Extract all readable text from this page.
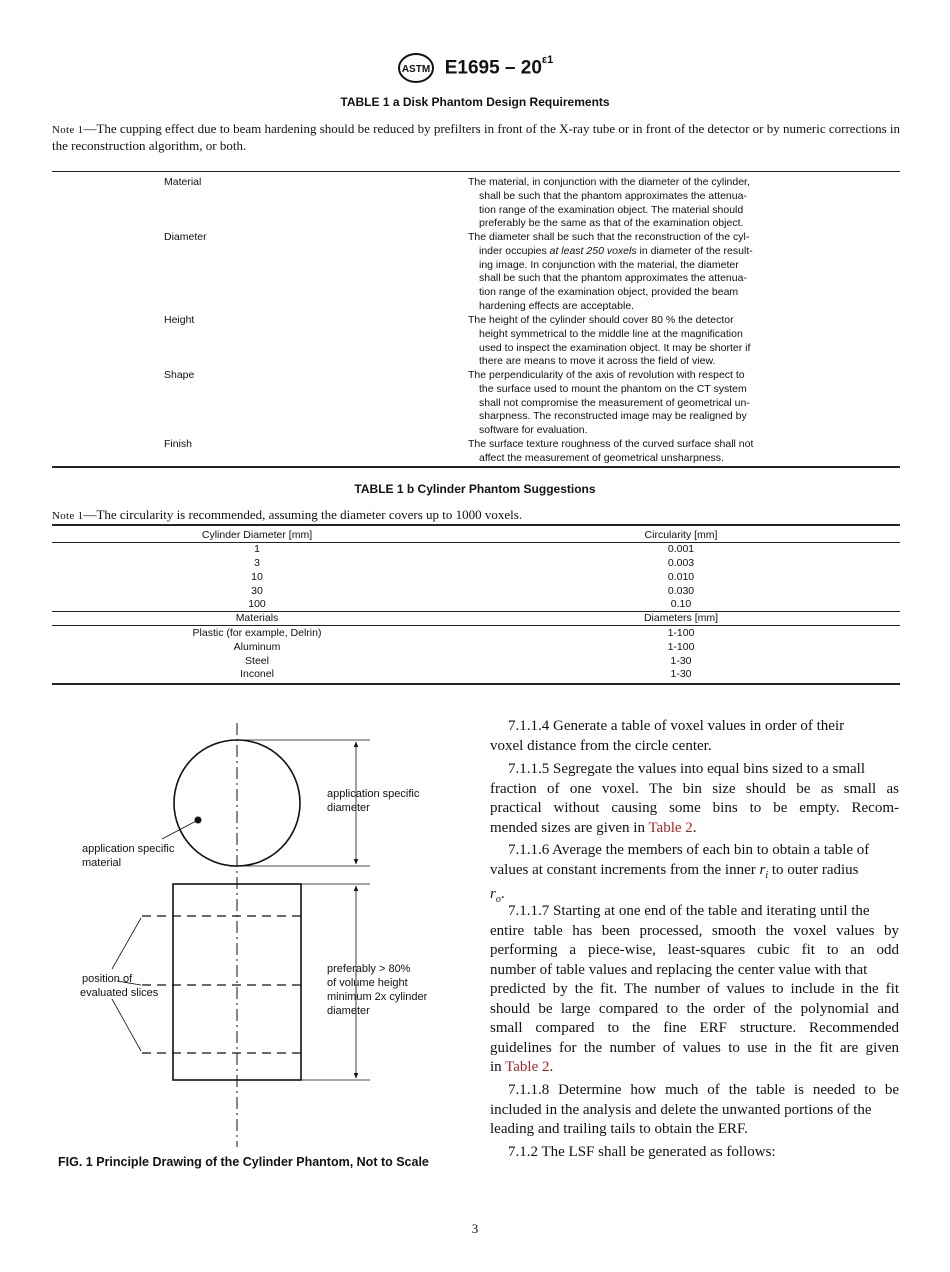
ASTM $E1695 - 20^{\varepsilon 1}$
TABLE 1 a Disk Phantom Design Requirements
Note 1—The cupping effect due to beam hardening should be reduced by prefilters in front of the X-ray tube or in front of the detector or by numeric corrections in the reconstruction algorithm, or both.
Material	The material, in conjunction with the diameter of the cylinder,
shall be such that the phantom approximates the attenua-
tion range of the examination object. The material should
preferably be the same as that of the examination object.
Diameter	The diameter shall be such that the reconstruction of the cyl-
inder occupies at least 250 voxels in diameter of the result-
ing image. In conjunction with the material, the diameter
shall be such that the phantom approximates the attenua-
tion range of the examination object, provided the beam
hardening effects are acceptable.
Height	The height of the cylinder should cover 80 % the detector
height symmetrical to the middle line at the magnification
used to inspect the examination object. It may be shorter if
there are means to move it across the field of view.
Shape	The perpendicularity of the axis of revolution with respect to
the surface used to mount the phantom on the CT system
shall not compromise the measurement of geometrical un-
sharpness. The reconstructed image may be realigned by
software for evaluation.
Finish	The surface texture roughness of the curved surface shall not
affect the measurement of geometrical unsharpness.
TABLE 1 b Cylinder Phantom Suggestions
Note 1—The circularity is recommended, assuming the diameter covers up to 1000 voxels.
Cylinder Diameter [mm]	Circularity [mm]
1	0.001
3	0.003
10	0.010
30	0.030
100	0.10
Materials	Diameters [mm]
Plastic (for example, Delrin)	1-100
Aluminum	1-100
Steel	1-30
Inconel	1-30
application specific
diameter
application specific
material
position of
evaluated slices
preferably > 80%
of volume height
minimum 2x cylinder
diameter
FIG. 1 Principle Drawing of the Cylinder Phantom, Not to Scale
7.1.1.4 Generate a table of voxel values in order of their
voxel distance from the circle center.
7.1.1.5 Segregate the values into equal bins sized to a small
fraction of one voxel. The bin size should be as small as
practical without causing some bins to be empty. Recom-
mended sizes are given in Table 2.
7.1.1.6 Average the members of each bin to obtain a table of
values at constant increments from the inner $r_i$ to outer radius
$r_o$.
7.1.1.7 Starting at one end of the table and iterating until the
entire table has been processed, smooth the voxel values by
performing a piece-wise, least-squares cubic fit to an odd
number of table values and replacing the center value with that
predicted by the fit. The number of values to include in the fit
should be large compared to the order of the polynomial and
small compared to the fine ERF structure. Recommended
guidelines for the number of values to use in the fit are given
in Table 2.
7.1.1.8 Determine how much of the table is needed to be
included in the analysis and delete the unwanted portions of the
leading and trailing tails to obtain the ERF.
7.1.2 The LSF shall be generated as follows:
3
